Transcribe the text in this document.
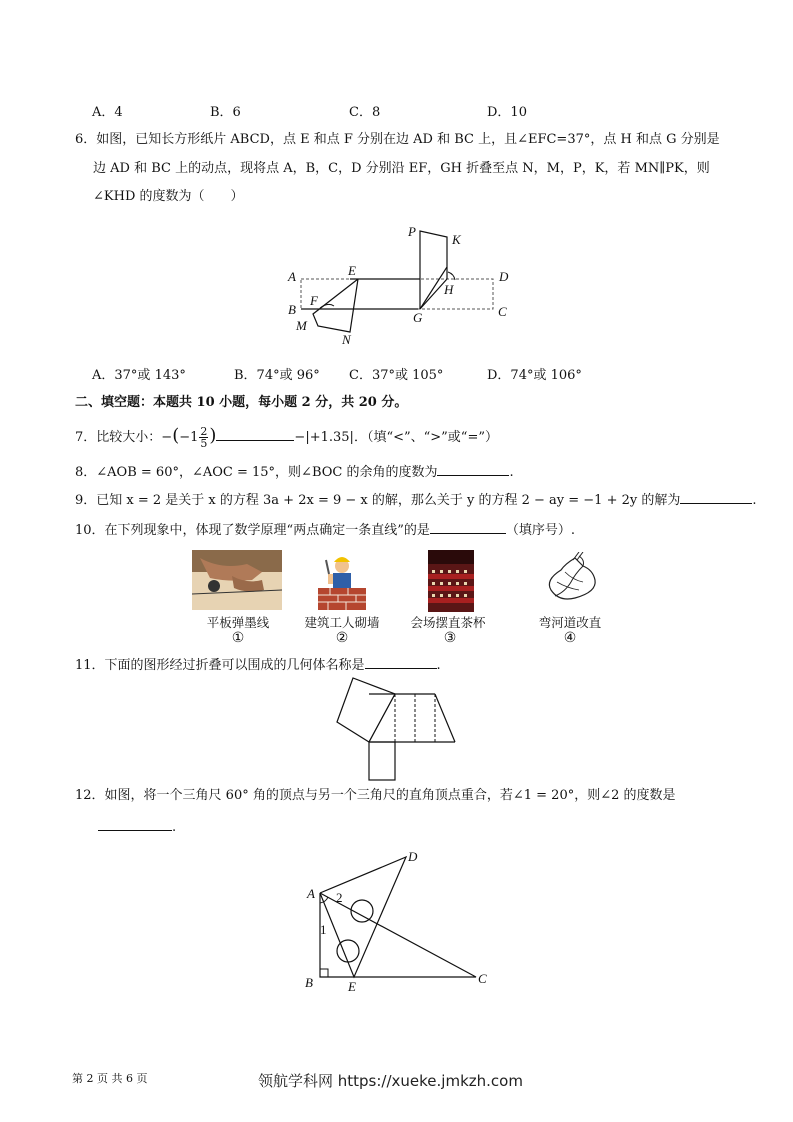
A．4	B．6	C．8	D．10
6．如图，已知长方形纸片 ABCD，点 E 和点 F 分别在边 AD 和 BC 上，且∠EFC=37°，点 H 和点 G 分别是
边 AD 和 BC 上的动点，现将点 A，B，C，D 分别沿 EF，GH 折叠至点 N，M，P，K，若 MN∥PK，则
∠KHD 的度数为（　　）
P
K
A	E	D
B
F
H
C
M
G
N
A．37°或 143°	B．74°或 96° C．37°或 105°	D．74°或 106°
二、填空题：本题共 10 小题，每小题 2 分，共 20 分。
7．比较大小：$-(-1 \frac{2}{5}$ )	−|+1.35|．（填“<”、“>”或“=”）
8．∠AOB = 60°，∠AOC = 15°，则∠BOC 的余角的度数为	.
9．已知 x = 2 是关于 x 的方程 3a + 2x = 9 − x 的解，那么关于 y 的方程 2 − ay = −1 + 2y 的解为	.
10．在下列现象中，体现了数学原理“两点确定一条直线”的是	（填序号）.
平板弹墨线
①
建筑工人砌墙
②
会场摆直茶杯
③
弯河道改直
④
11．下面的图形经过折叠可以围成的几何体名称是	.
12．如图，将一个三角尺 60° 角的顶点与另一个三角尺的直角顶点重合，若∠1 = 20°，则∠2 的度数是
.
A
D
2
1
B	E
C
第 2 页 共 6 页	领航学科网 https://xueke.jmkzh.com
